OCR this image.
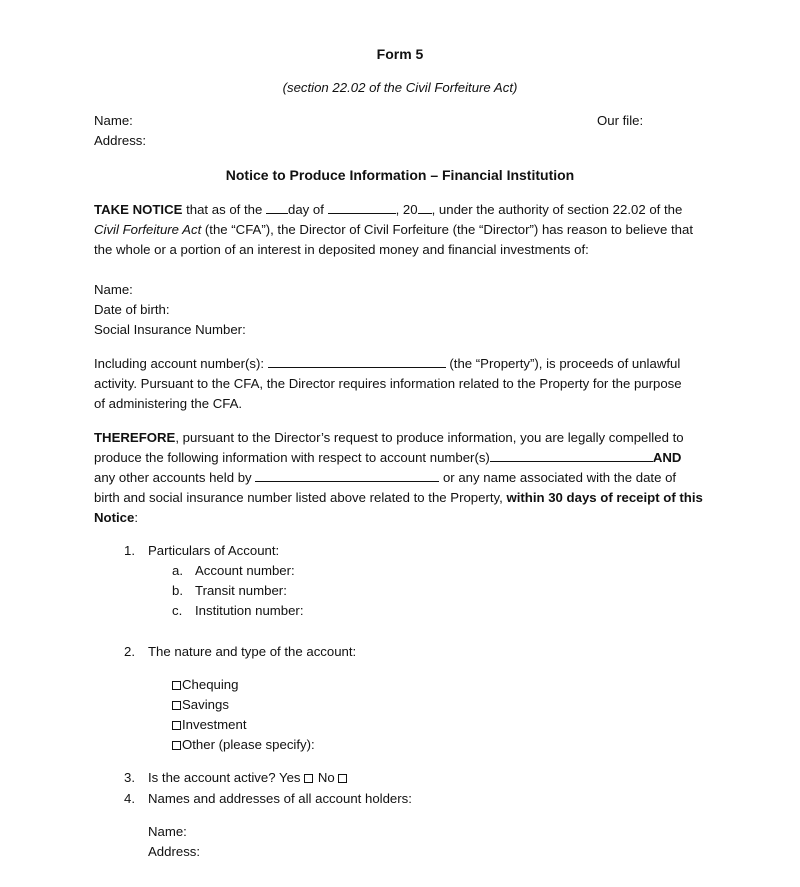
Form 5
(section 22.02 of the Civil Forfeiture Act)
Name:	Our file:
Address:
Notice to Produce Information – Financial Institution
TAKE NOTICE that as of the day of	, 20 , under the authority of section 22.02 of the
Civil Forfeiture Act (the “CFA”), the Director of Civil Forfeiture (the “Director”) has reason to believe that
the whole or a portion of an interest in deposited money and financial investments of:
Name:
Date of birth:
Social Insurance Number:
Including account number(s):	(the “Property”), is proceeds of unlawful
activity. Pursuant to the CFA, the Director requires information related to the Property for the purpose
of administering the CFA.
THEREFORE, pursuant to the Director’s request to produce information, you are legally compelled to
produce the following information with respect to account number(s)	AND
any other accounts held by	or any name associated with the date of
birth and social insurance number listed above related to the Property, within 30 days of receipt of this
Notice:
1. Particulars of Account:
a. Account number:
b. Transit number:
c. Institution number:
2. The nature and type of the account:
Chequing
Savings
Investment
Other (please specify):
3. Is the account active? Yes  No
4. Names and addresses of all account holders:
Name:
Address:
